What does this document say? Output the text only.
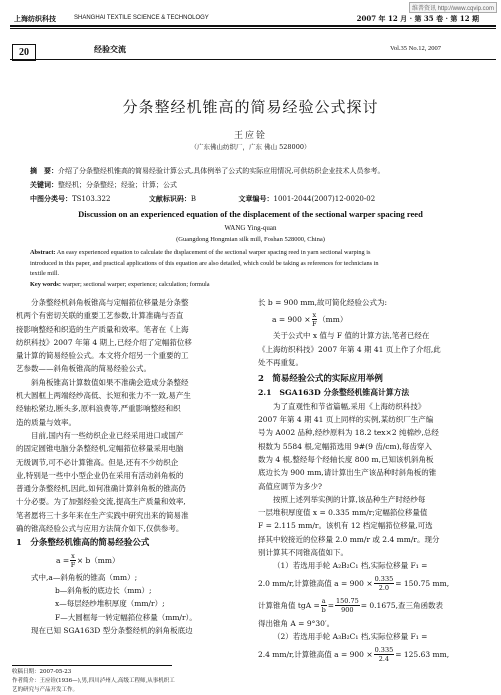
维普资讯 http://www.cqvip.com
上海纺织科技	SHANGHAI TEXTILE SCIENCE & TECHNOLOGY	2007 年 12 月 · 第 35 卷 · 第 12 期
20	经验交流	Vol.35 No.12, 2007
分条整经机锥高的简易经验公式探讨
王应铨
（广东佛山纺织厂，广东 佛山 528000）
摘　要：介绍了分条整经机锥高的简易经验计算公式,具体例举了公式的实际应用情况,可供纺织企业技术人员参考。
关键词：整经机；分条整经；经验；计算；公式
中图分类号：TS103.322	文献标识码：B	文章编号：1001-2044(2007)12-0020-02
Discussion on an experienced equation of the displacement of the sectional warper spacing reed
WANG Ying-quan
(Guangdong Hongmian silk mill, Foshan 528000, China)
Abstract: An easy experienced equation to calculate the displacement of the sectional warper spacing reed in yarn sectional warping is
introduced in this paper, and practical applications of this equation are also detailed, which could be taking as references for technicians in
textile mill.
Key words: warper; sectional warper; experience; calculation; formula
分条整经机斜角板锥高与定幅筘位移量是分条整
机两个有密切关联的重要工艺参数,计算准确与否直
接影响整经和织造的生产质量和效率。笔者在《上海
纺织科技》2007 年第 4 期上,已经介绍了定幅筘位移
量计算的简易经验公式。本文将介绍另一个重要的工
艺参数——斜角板锥高的简易经验公式。
斜角板锥高计算数值如果不准确会造成分条整经
机大圆框上两端经纱高低、长短和张力不一致,易产生
经轴松紧边,断头多,原料浪费等,严重影响整经和织
造的质量与效率。
目前,国内有一些纺织企业已经采用进口或国产
的固定圆锥电脑分条整经机,定幅筘位移量采用电脑
无级调节,可不必计算锥高。但是,还有不少纺织企
业,特别是一些中小型企业仍在采用有活动斜角板的
普通分条整经机,因此,如何准确计算斜角板的锥高仍
十分必要。为了加强经验交流,提高生产质量和效率,
笔者愿将三十多年来在生产实践中研究出来的简易准
确的锥高经验公式与应用方法简介如下,仅供参考。
1　分条整经机锥高的简易经验公式
$a = \frac{x}{F} \times b(mm)$
式中,a—斜角板的锥高（mm）;
b—斜角板的底边长（mm）;
x—每层经纱堆积厚度（mm/r）;
F—大圆框每一转定幅筘位移量（mm/r）。
现在已知 SGA163D 型分条整经机的斜角板底边
收稿日期：2007-05-23
作者简介：王应铨(1936—),男,四川泸州人,高级工程师,从事机织工
艺的研究与产品开发工作。
长 b = 900 mm,故可简化经验公式为:
$a = 900 \times \frac{x}{F} (mm)$
关于公式中 x 值与 F 值的计算方法,笔者已经在
《上海纺织科技》2007 年第 4 期 41 页上作了介绍,此
处不再重复。
2　简易经验公式的实际应用举例
2.1　SGA163D 分条整经机锥高计算方法
为了直观性和节省篇幅,采用《上海纺织科技》
2007 年第 4 期 41 页上同样的实例,某纺织厂生产编
号为 A002 品种,经纱原料为 18.2 tex×2 纯棉纱,总经
根数为 5584 根,定幅筘选用 9#(9 齿/cm),每齿穿入
数为 4 根,整经每个经轴长度 800 m,已知该机斜角板
底边长为 900 mm,请计算出生产该品种时斜角板的锥
高值应调节为多少?
按照上述列举实例的计算,该品种生产时经纱每
一层堆积厚度值 x = 0.335 mm/r;定幅筘位移量值
F = 2.115 mm/r。该机有 12 档定幅筘位移量,可选
择其中较接近的位移量 2.0 mm/r 或 2.4 mm/r。现分
别计算其不同锥高值如下。
（1）若选用手轮 A₂B₂C₁ 档,实际位移量 F₁ =
2.0 mm/r,计算锥高值 $a = 900 \times \frac{0.335}{2.0} = 150.75$ mm,
计算锥角值 tgA = $\frac{a}{b} = \frac{150.75}{900} = 0.1675$,查三角函数表
得出锥角 A = 9°30′。
（2）若选用手轮 A₃B₂C₁ 档,实际位移量 F₁ =
2.4 mm/r,计算锥高值 $a = 900 \times \frac{0.335}{2.4} = 125.63$ mm,
